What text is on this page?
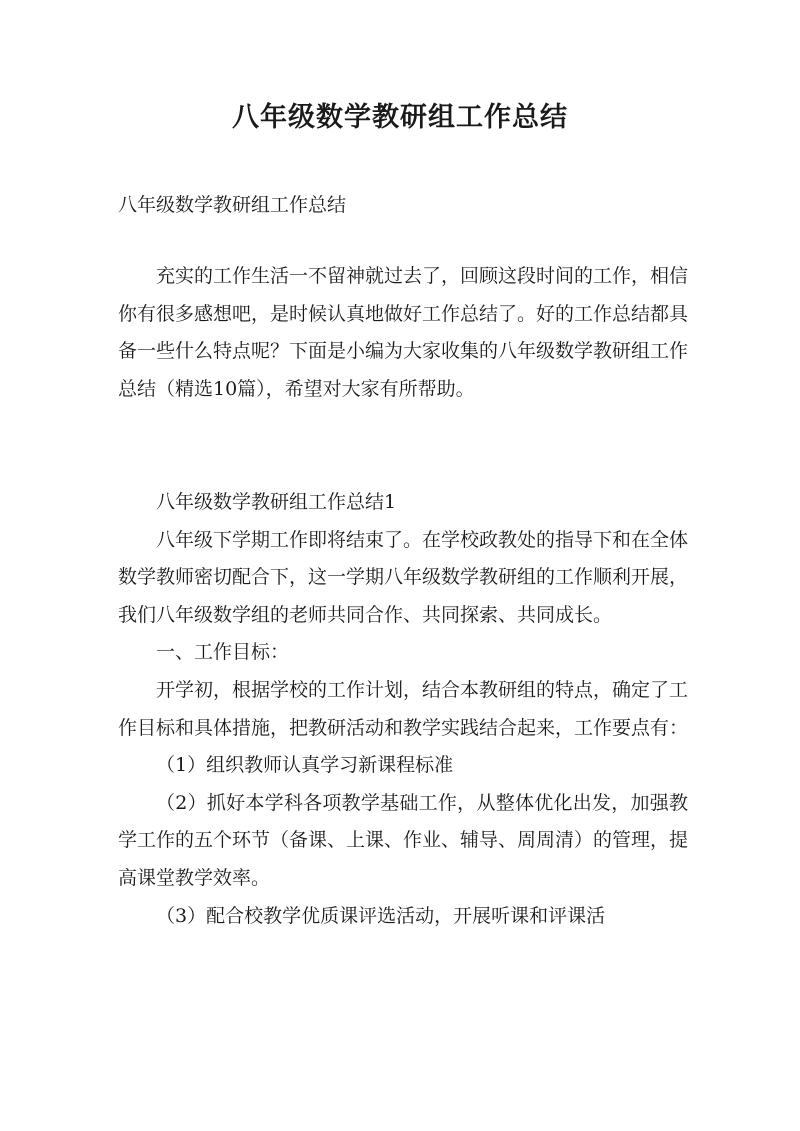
八年级数学教研组工作总结
八年级数学教研组工作总结

充实的工作生活一不留神就过去了，回顾这段时间的工作，相信你有很多感想吧，是时候认真地做好工作总结了。好的工作总结都具备一些什么特点呢？下面是小编为大家收集的八年级数学教研组工作总结（精选10篇），希望对大家有所帮助。

八年级数学教研组工作总结1

八年级下学期工作即将结束了。在学校政教处的指导下和在全体数学教师密切配合下，这一学期八年级数学教研组的工作顺利开展，我们八年级数学组的老师共同合作、共同探索、共同成长。

一、工作目标：

开学初，根据学校的工作计划，结合本教研组的特点，确定了工作目标和具体措施，把教研活动和教学实践结合起来，工作要点有：

（1）组织教师认真学习新课程标准

（2）抓好本学科各项教学基础工作，从整体优化出发，加强教学工作的五个环节（备课、上课、作业、辅导、周周清）的管理，提高课堂教学效率。

（3）配合校教学优质课评选活动，开展听课和评课活
